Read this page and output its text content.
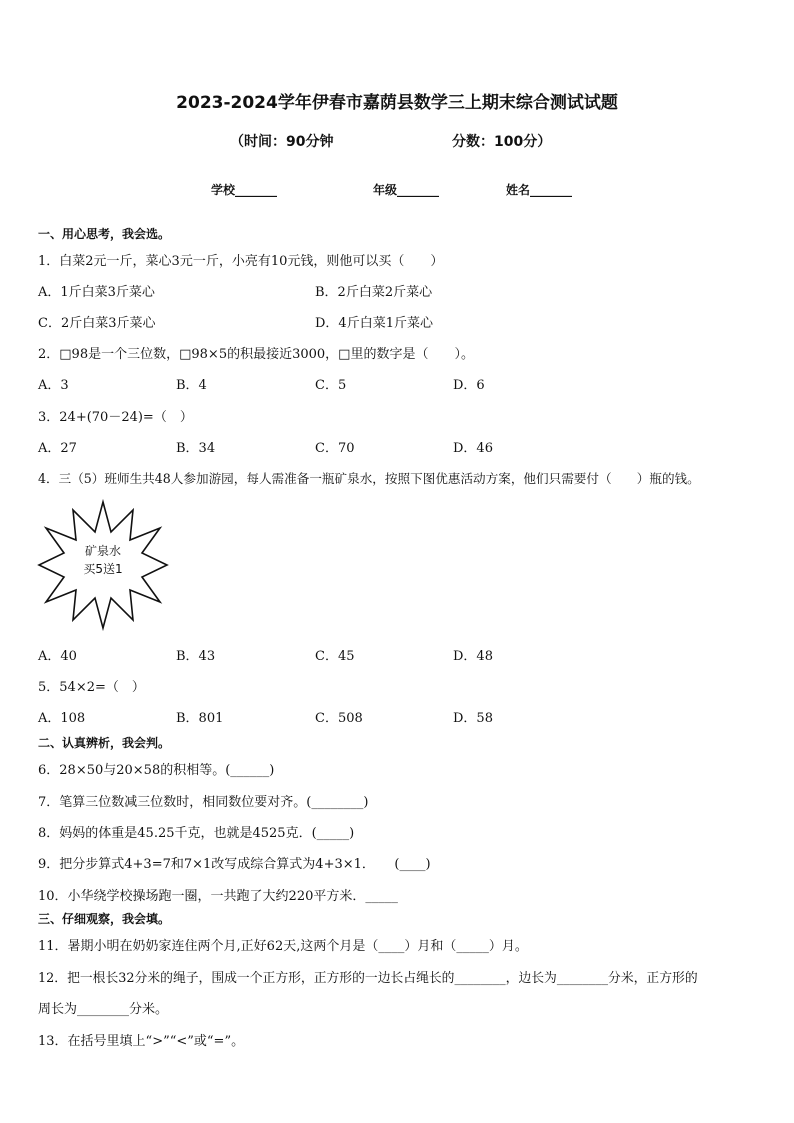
2023-2024学年伊春市嘉荫县数学三上期末综合测试试题
（时间：90分钟	分数：100分）
学校_______	年级_______	姓名_______
一、用心思考，我会选。
1．白菜2元一斤，菜心3元一斤，小亮有10元钱，则他可以买（　　）
A．1斤白菜3斤菜心	B．2斤白菜2斤菜心
C．2斤白菜3斤菜心	D．4斤白菜1斤菜心
2．□98是一个三位数，□98×5的积最接近3000，□里的数字是（　　）。
A．3	B．4	C．5	D．6
3．24+(70－24)=（　）
A．27	B．34	C．70	D．46
4．三（5）班师生共48人参加游园，每人需准备一瓶矿泉水，按照下图优惠活动方案，他们只需要付（　　）瓶的钱。
矿泉水
买5送1
A．40	B．43	C．45	D．48
5．54×2=（　）
A．108	B．801	C．508	D．58
二、认真辨析，我会判。
6．28×50与20×58的积相等。(______)
7．笔算三位数减三位数时，相同数位要对齐。(________)
8．妈妈的体重是45.25千克，也就是4525克．(_____)
9．把分步算式4+3=7和7×1改写成综合算式为4+3×1．　　(____)
10．小华绕学校操场跑一圈，一共跑了大约220平方米．_____
三、仔细观察，我会填。
11．暑期小明在奶奶家连住两个月,正好62天,这两个月是（____）月和（_____）月。
12．把一根长32分米的绳子，围成一个正方形，正方形的一边长占绳长的________，边长为________分米，正方形的
周长为________分米。
13．在括号里填上“>”“<”或“=”。
